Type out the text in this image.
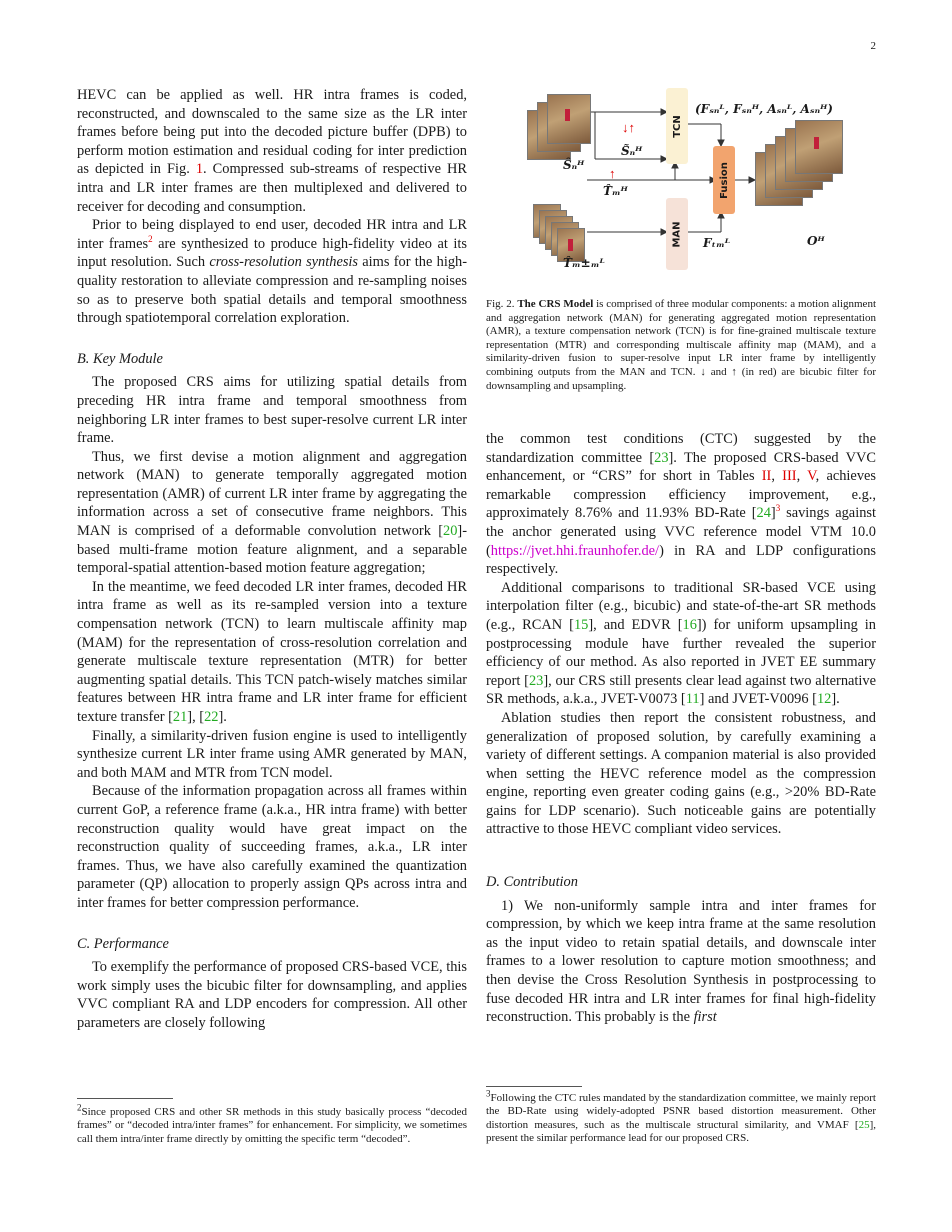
2

HEVC can be applied as well. HR intra frames is coded, reconstructed, and downscaled to the same size as the LR inter frames before being put into the decoded picture buffer (DPB) to perform motion estimation and residual coding for inter prediction as depicted in Fig. 1. Compressed sub-streams of respective HR intra and LR inter frames are then multiplexed and delivered to receiver for decoding and consumption.

Prior to being displayed to end user, decoded HR intra and LR inter frames$^2$ are synthesized to produce high-fidelity video at its input resolution. Such cross-resolution synthesis aims for the high-quality restoration to alleviate compression and re-sampling noises so as to preserve both spatial details and temporal smoothness through spatiotemporal correlation exploration.

B. Key Module

The proposed CRS aims for utilizing spatial details from preceding HR intra frame and temporal smoothness from neighboring LR inter frames to best super-resolve current LR inter frame.

Thus, we first devise a motion alignment and aggregation network (MAN) to generate temporally aggregated motion representation (AMR) of current LR inter frame by aggregating the information across a set of consecutive frame neighbors. This MAN is comprised of a deformable convolution network [20]-based multi-frame motion feature alignment, and a separable temporal-spatial attention-based motion feature aggregation;

In the meantime, we feed decoded LR inter frames, decoded HR intra frame as well as its re-sampled version into a texture compensation network (TCN) to learn multiscale affinity map (MAM) for the representation of cross-resolution correlation and generate multiscale texture representation (MTR) for better augmenting spatial details. This TCN patch-wisely matches similar features between HR intra frame and LR inter frame for efficient texture transfer [21], [22].

Finally, a similarity-driven fusion engine is used to intelligently synthesize current LR inter frame using AMR generated by MAN, and both MAM and MTR from TCN model.

Because of the information propagation across all frames within current GoP, a reference frame (a.k.a., HR intra frame) with better reconstruction quality would have great impact on the reconstruction quality of succeeding frames, a.k.a., LR inter frames. Thus, we have also carefully examined the quantization parameter (QP) allocation to properly assign QPs across intra and inter frames for better compression performance.

C. Performance

To exemplify the performance of proposed CRS-based VCE, this work simply uses the bicubic filter for downsampling, and applies VVC compliant RA and LDP encoders for compression. All other parameters are closely following

$^2$Since proposed CRS and other SR methods in this study basically process “decoded frames” or “decoded intra/inter frames” for enhancement. For simplicity, we sometimes call them intra/inter frame directly by omitting the specific term “decoded”.
TCN
MAN
Fusion
(Fₛₙᴸ, Fₛₙᴴ, Aₛₙᴸ, Aₛₙᴴ)
Ŝₙᴴ
S̃ₙᴴ
T̂ₘᴴ
T̂ₘ±ₘᴸ
Fₜₘᴸ	Oᴴ
↓↑
↑
Fig. 2. The CRS Model is comprised of three modular components: a motion alignment and aggregation network (MAN) for generating aggregated motion representation (AMR), a texture compensation network (TCN) is for fine-grained multiscale texture representation (MTR) and corresponding multiscale affinity map (MAM), and a similarity-driven fusion to super-resolve input LR inter frame by intelligently combining outputs from the MAN and TCN. ↓ and ↑ (in red) are bicubic filter for downsampling and upsampling.

the common test conditions (CTC) suggested by the standardization committee [23]. The proposed CRS-based VVC enhancement, or “CRS” for short in Tables II, III, V, achieves remarkable compression efficiency improvement, e.g., approximately 8.76% and 11.93% BD-Rate $[24]^3$ savings against the anchor generated using VVC reference model VTM 10.0 (https://jvet.hhi.fraunhofer.de/) in RA and LDP configurations respectively.

Additional comparisons to traditional SR-based VCE using interpolation filter (e.g., bicubic) and state-of-the-art SR methods (e.g., RCAN [15], and EDVR [16]) for uniform upsampling in postprocessing module have further revealed the superior efficiency of our method. As also reported in JVET EE summary report [23], our CRS still presents clear lead against two alternative SR methods, a.k.a., JVET-V0073 [11] and JVET-V0096 [12].

Ablation studies then report the consistent robustness, and generalization of proposed solution, by carefully examining a variety of different settings. A companion material is also provided when setting the HEVC reference model as the compression engine, reporting even greater coding gains (e.g., >20% BD-Rate gains for LDP scenario). Such noticeable gains are potentially attractive to those HEVC compliant video services.

D. Contribution

1) We non-uniformly sample intra and inter frames for compression, by which we keep intra frame at the same resolution as the input video to retain spatial details, and downscale inter frames to a lower resolution to capture motion smoothness; and then devise the Cross Resolution Synthesis in postprocessing to fuse decoded HR intra and LR inter frames for final high-fidelity reconstruction. This probably is the first

$^3$Following the CTC rules mandated by the standardization committee, we mainly report the BD-Rate using widely-adopted PSNR based distortion measurement. Other distortion measures, such as the multiscale structural similarity, and VMAF [25], present the similar performance lead for our proposed CRS.
